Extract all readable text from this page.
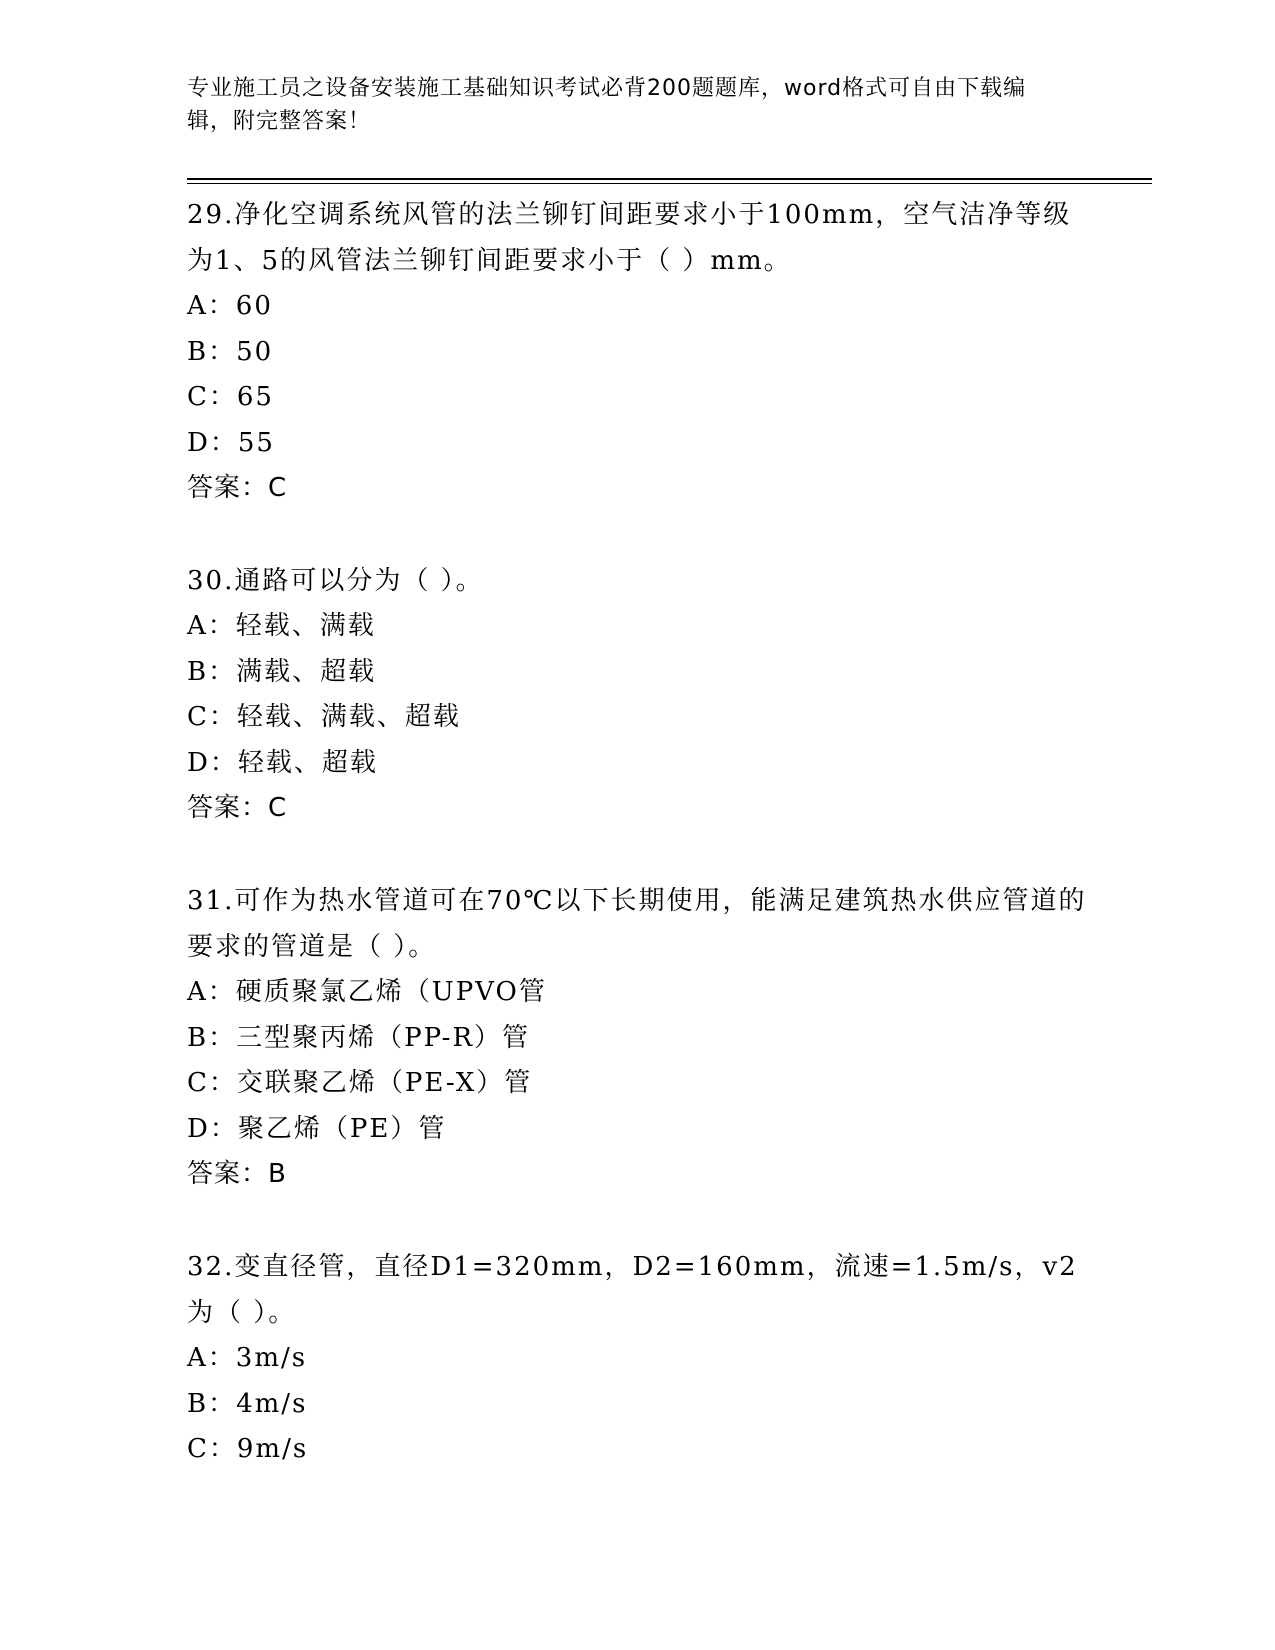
专业施工员之设备安装施工基础知识考试必背200题题库，word格式可自由下载编辑，附完整答案！

29.净化空调系统风管的法兰铆钉间距要求小于100mm，空气洁净等级为1、5的风管法兰铆钉间距要求小于（ ）mm。

A：60
B：50
C：65
D：55
答案：C

30.通路可以分为（ ）。

A：轻载、满载
B：满载、超载
C：轻载、满载、超载
D：轻载、超载
答案：C

31.可作为热水管道可在70℃以下长期使用，能满足建筑热水供应管道的要求的管道是（ ）。

A：硬质聚氯乙烯（UPVO管
B：三型聚丙烯（PP-R）管
C：交联聚乙烯（PE-X）管
D：聚乙烯（PE）管
答案：B

32.变直径管，直径D1=320mm，D2=160mm，流速=1.5m/s，v2为（ ）。

A：3m/s
B：4m/s
C：9m/s
